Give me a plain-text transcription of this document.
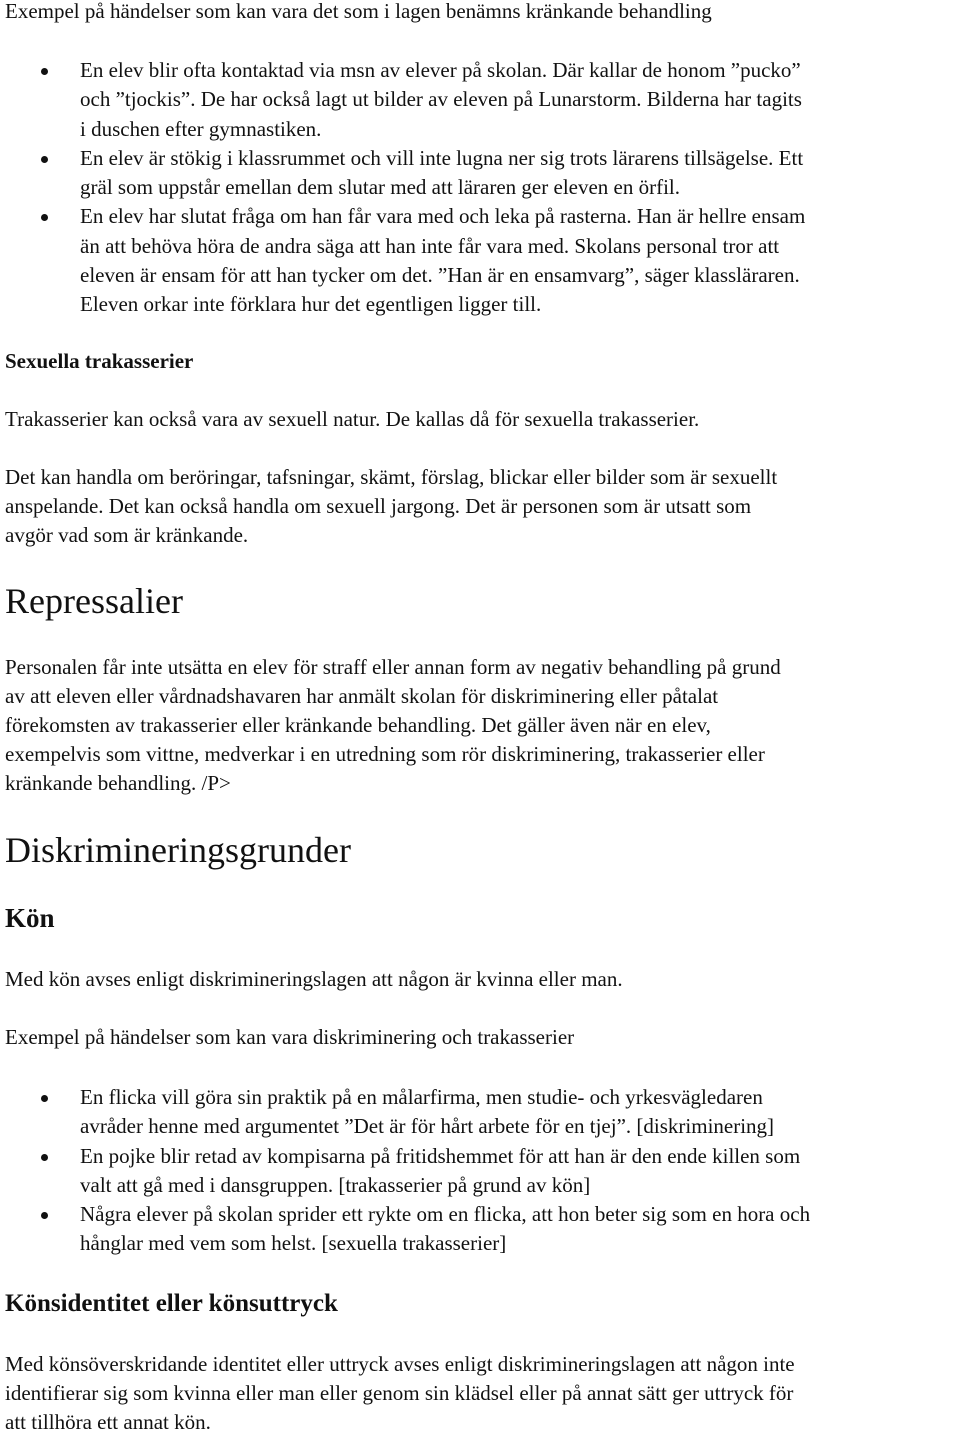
Exempel på händelser som kan vara det som i lagen benämns kränkande behandling

En elev blir ofta kontaktad via msn av elever på skolan. Där kallar de honom ”pucko”
och ”tjockis”. De har också lagt ut bilder av eleven på Lunarstorm. Bilderna har tagits
i duschen efter gymnastiken.
En elev är stökig i klassrummet och vill inte lugna ner sig trots lärarens tillsägelse. Ett
gräl som uppstår emellan dem slutar med att läraren ger eleven en örfil.
En elev har slutat fråga om han får vara med och leka på rasterna. Han är hellre ensam
än att behöva höra de andra säga att han inte får vara med. Skolans personal tror att
eleven är ensam för att han tycker om det. ”Han är en ensamvarg”, säger klassläraren.
Eleven orkar inte förklara hur det egentligen ligger till.

Sexuella trakasserier

Trakasserier kan också vara av sexuell natur. De kallas då för sexuella trakasserier.

Det kan handla om beröringar, tafsningar, skämt, förslag, blickar eller bilder som är sexuellt
anspelande. Det kan också handla om sexuell jargong. Det är personen som är utsatt som
avgör vad som är kränkande.

Repressalier

Personalen får inte utsätta en elev för straff eller annan form av negativ behandling på grund
av att eleven eller vårdnadshavaren har anmält skolan för diskriminering eller påtalat
förekomsten av trakasserier eller kränkande behandling. Det gäller även när en elev,
exempelvis som vittne, medverkar i en utredning som rör diskriminering, trakasserier eller
kränkande behandling. /P>

Diskrimineringsgrunder

Kön

Med kön avses enligt diskrimineringslagen att någon är kvinna eller man.

Exempel på händelser som kan vara diskriminering och trakasserier

En flicka vill göra sin praktik på en målarfirma, men studie- och yrkesvägledaren
avråder henne med argumentet ”Det är för hårt arbete för en tjej”. [diskriminering]
En pojke blir retad av kompisarna på fritidshemmet för att han är den ende killen som
valt att gå med i dansgruppen. [trakasserier på grund av kön]
Några elever på skolan sprider ett rykte om en flicka, att hon beter sig som en hora och
hånglar med vem som helst. [sexuella trakasserier]

Könsidentitet eller könsuttryck

Med könsöverskridande identitet eller uttryck avses enligt diskrimineringslagen att någon inte
identifierar sig som kvinna eller man eller genom sin klädsel eller på annat sätt ger uttryck för
att tillhöra ett annat kön.
